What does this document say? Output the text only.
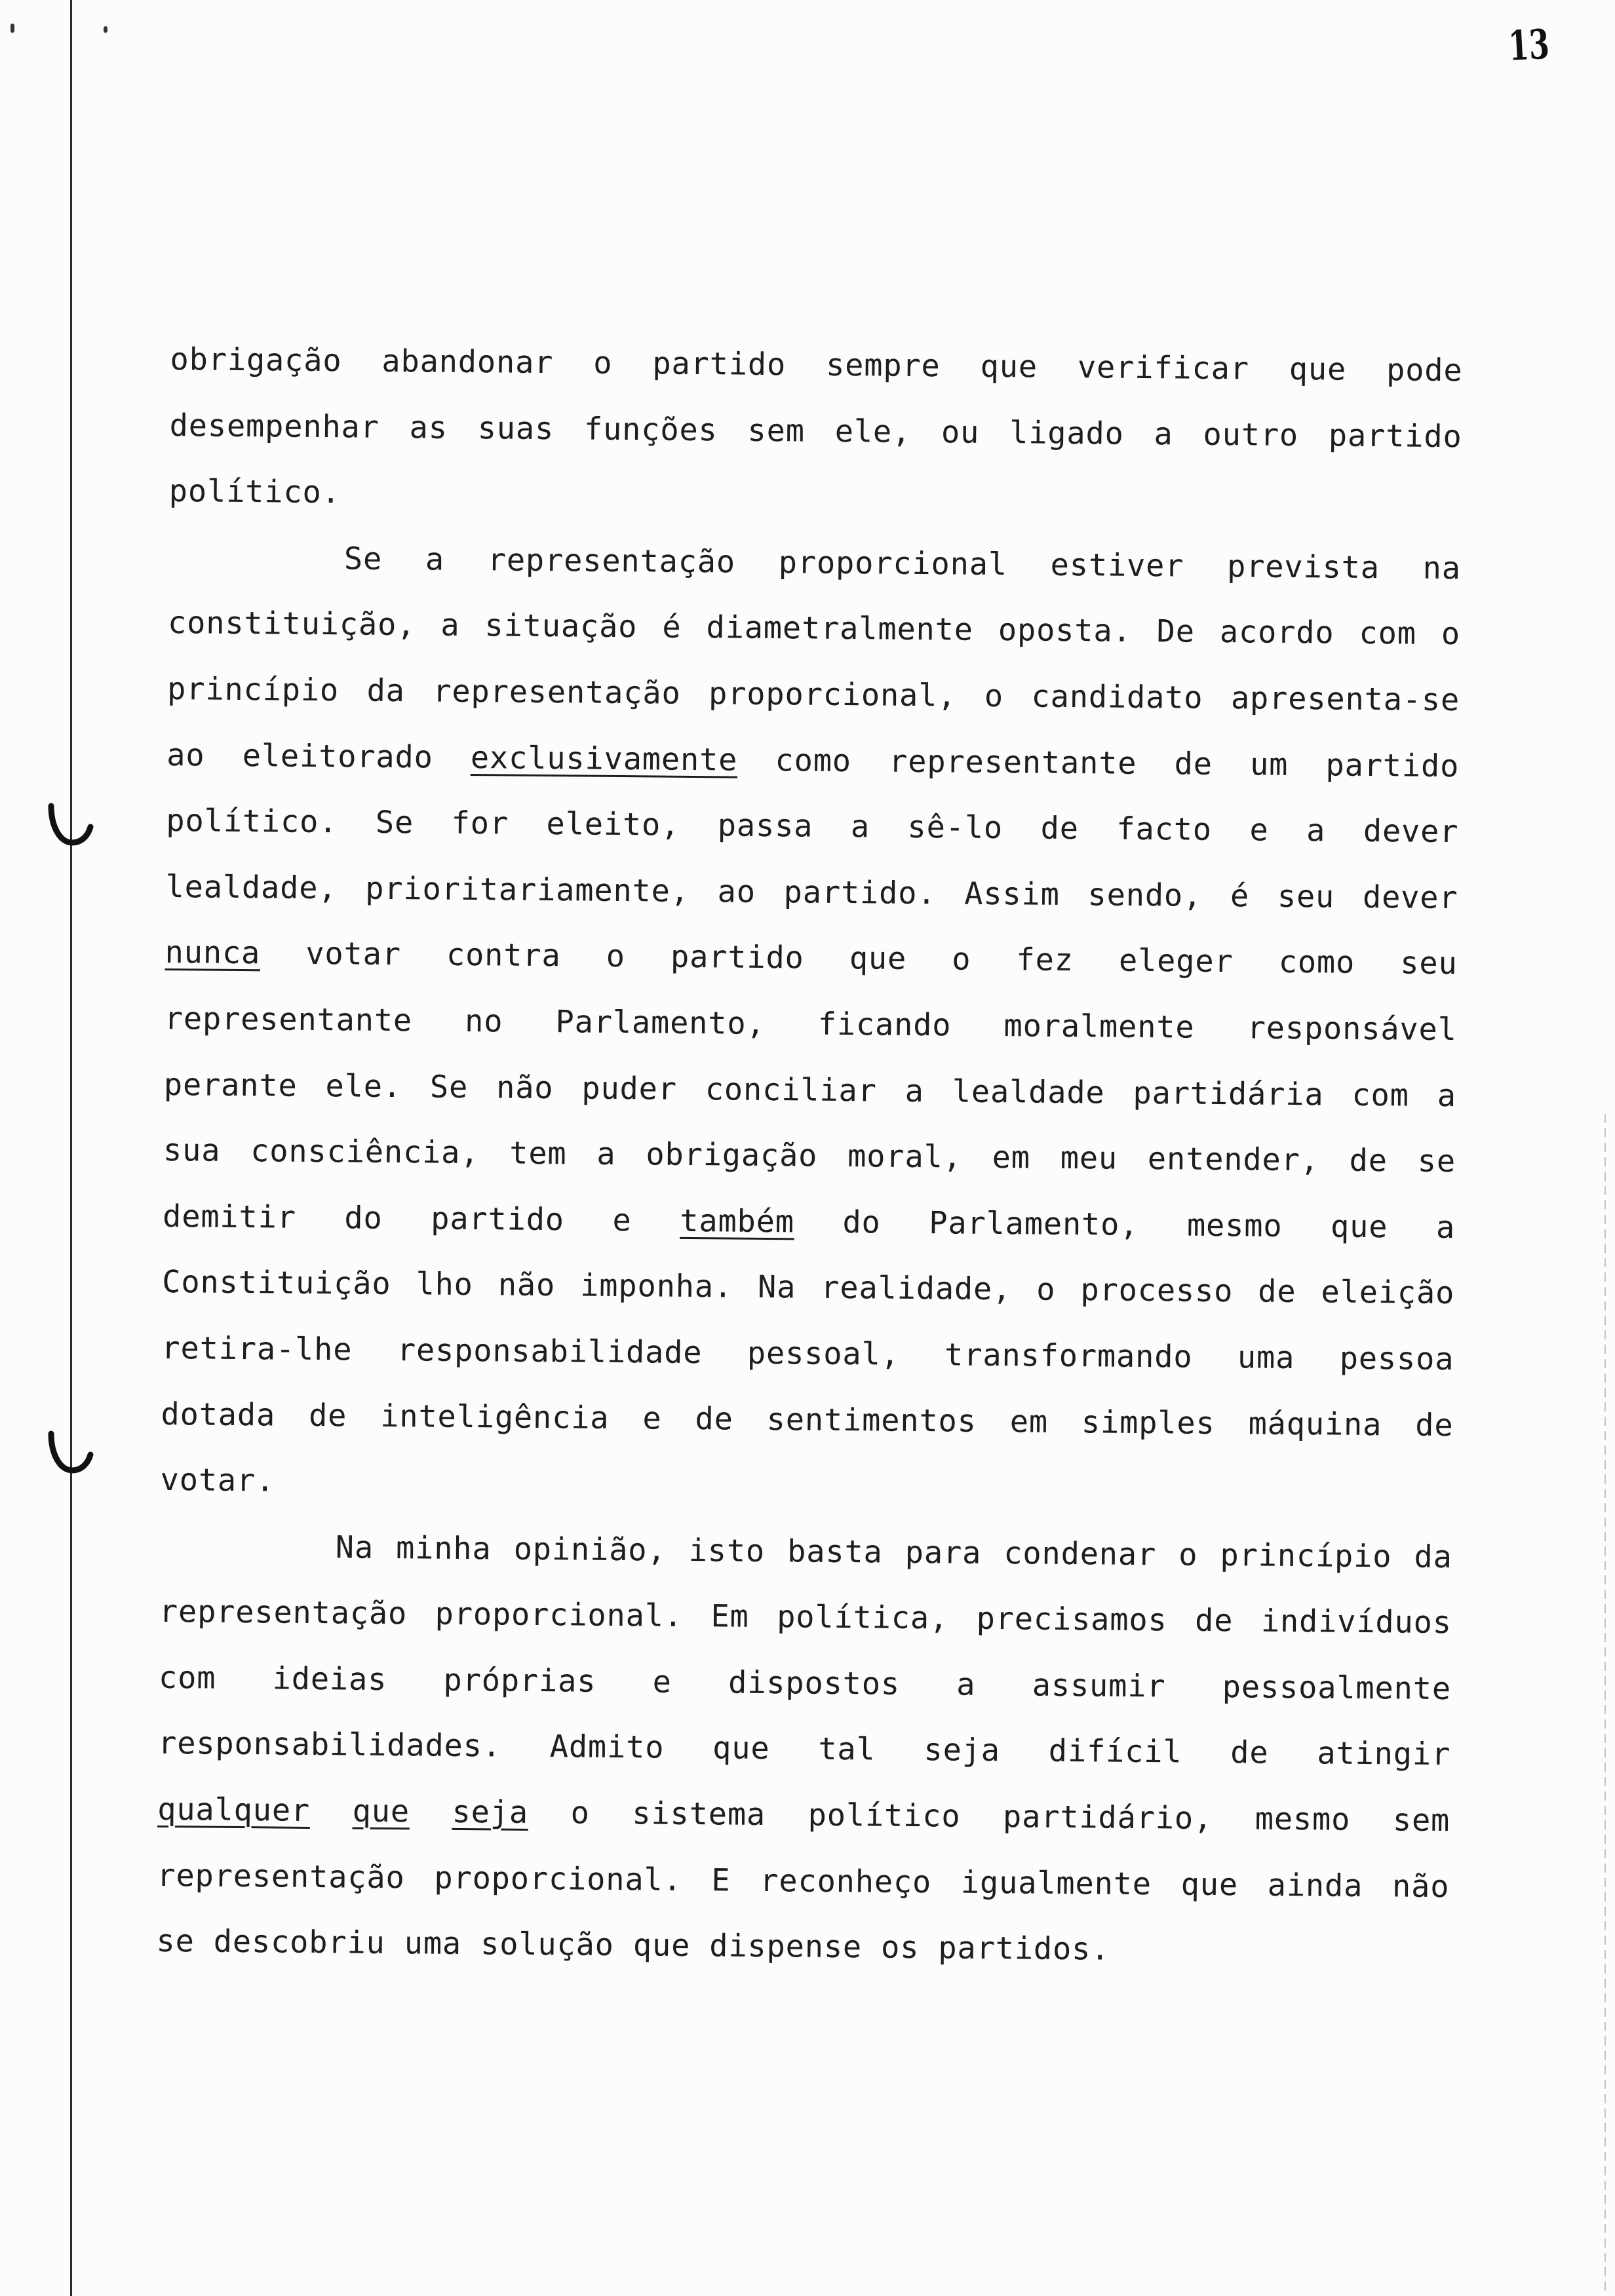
13
obrigação abandonar o partido sempre que verificar que pode
desempenhar as suas funções sem ele, ou ligado a outro partido
político.
Se a representação proporcional estiver prevista na
constituição, a situação é diametralmente oposta. De acordo com o
princípio da representação proporcional, o candidato apresenta-se
ao eleitorado exclusivamente como representante de um partido
político. Se for eleito, passa a sê-lo de facto e a dever
lealdade, prioritariamente, ao partido. Assim sendo, é seu dever
nunca votar contra o partido que o fez eleger como seu
representante no Parlamento, ficando moralmente responsável
perante ele. Se não puder conciliar a lealdade partidária com a
sua consciência, tem a obrigação moral, em meu entender, de se
demitir do partido e também do Parlamento, mesmo que a
Constituição lho não imponha. Na realidade, o processo de eleição
retira-lhe responsabilidade pessoal, transformando uma pessoa
dotada de inteligência e de sentimentos em simples máquina de
votar.
Na minha opinião, isto basta para condenar o princípio da
representação proporcional. Em política, precisamos de indivíduos
com ideias próprias e dispostos a assumir pessoalmente
responsabilidades. Admito que tal seja difícil de atingir
qualquer que seja o sistema político partidário, mesmo sem
representação proporcional. E reconheço igualmente que ainda não
se descobriu uma solução que dispense os partidos.
